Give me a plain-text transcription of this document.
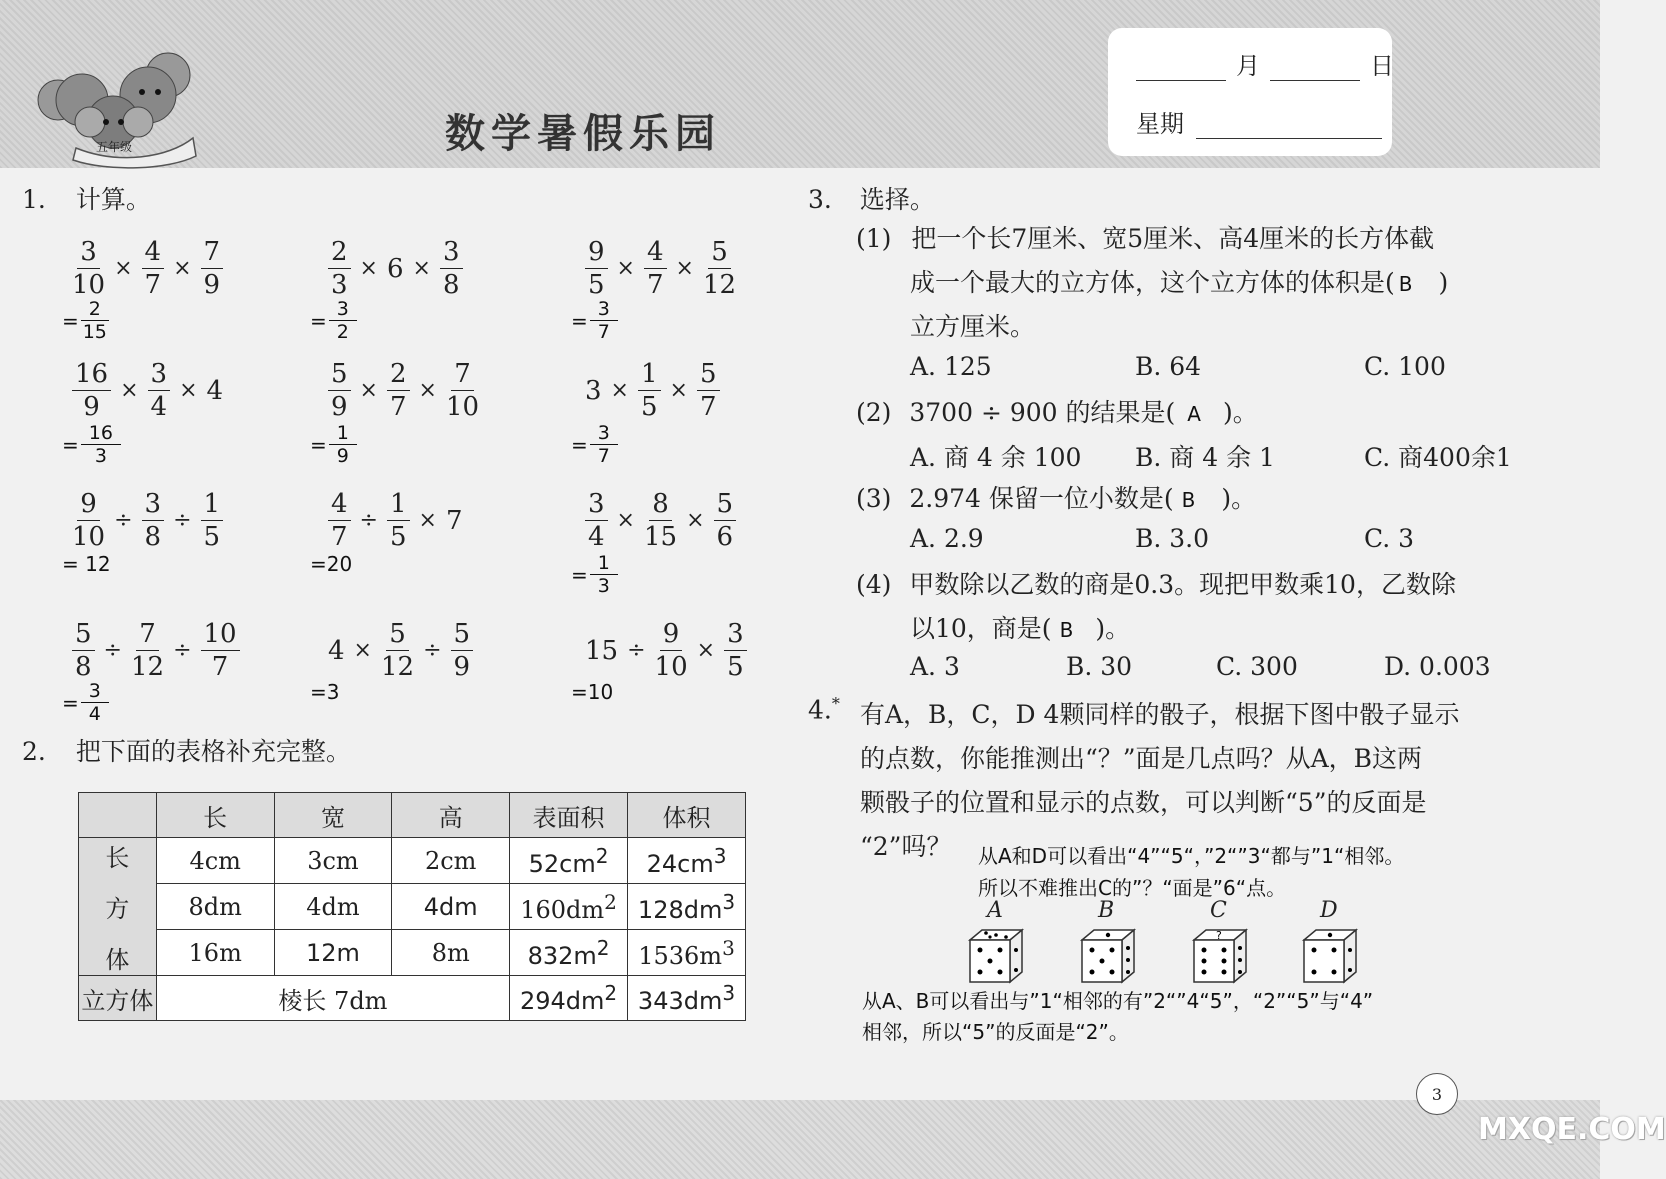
五年级	数学暑假乐园
月	日
星期
1. 计算。
$\frac{3}{10} \times \frac{4}{7} \times \frac{7}{9}$
= $\frac{2}{15}$
$\frac{2}{3} \times 6 \times \frac{3}{8}$
= $\frac{3}{2}$
$\frac{9}{5} \times \frac{4}{7} \times \frac{5}{12}$
= $\frac{3}{7}$
$\frac{16}{9} \times \frac{3}{4} \times 4$
= $\frac{16}{3}$
$\frac{5}{9} \times \frac{2}{7} \times \frac{7}{10}$
= $\frac{1}{9}$
$3 \times \frac{1}{5} \times \frac{5}{7}$
= $\frac{3}{7}$
$\frac{9}{10} \div \frac{3}{8} \div \frac{1}{5}$
= 12
$\frac{4}{7} \div \frac{1}{5} \times 7$
=20
$\frac{3}{4} \times \frac{8}{15} \times \frac{5}{6}$
= $\frac{1}{3}$
$\frac{5}{8} \div \frac{7}{12} \div \frac{10}{7}$
= $\frac{3}{4}$
$4 \times \frac{5}{12} \div \frac{5}{9}$
=3
$15 \div \frac{9}{10} \times \frac{3}{5}$
=10
2. 把下面的表格补充完整。
	长	宽	高	表面积	体积

长
方
体	4cm	3cm	2cm	$52cm^2$	$24cm^3$
	8dm	4dm	4dm	$160dm^2$	$128dm^3$
	16m	12m	8m	$832m^2$	$1536m^3$
立方体	棱长 7dm			$294dm^2$	$343dm^3$
3. 选择。
(1) 把一个长7厘米、宽5厘米、高4厘米的长方体截
成一个最大的立方体，这个立方体的体积是( B )
立方厘米。
A. 125	B. 64	C. 100
(2) 3700 ÷ 900 的结果是( A )。
A. 商 4 余 100 B. 商 4 余 1	C. 商400余1
(3) 2.974 保留一位小数是( B )。
A. 2.9	B. 3.0	C. 3
(4) 甲数除以乙数的商是0.3。现把甲数乘10，乙数除
以10，商是( B )。
A. 3	B. 30	C. 300	D. 0.003
4.* 有A，B，C，D 4颗同样的骰子，根据下图中骰子显示
的点数，你能推测出“？”面是几点吗？从A，B这两
颗骰子的位置和显示的点数，可以判断“5”的反面是
“2”吗？ 从A和D可以看出“4”“5“，”2“”3“都与”1“相邻。
所以不难推出C的”？“面是”6“点。
A	B	C	D
?
从A、B可以看出与”1“相邻的有”2“”4“5”，“2”“5”与“4”
相邻，所以“5”的反面是“2”。
3
MXQE.COM
